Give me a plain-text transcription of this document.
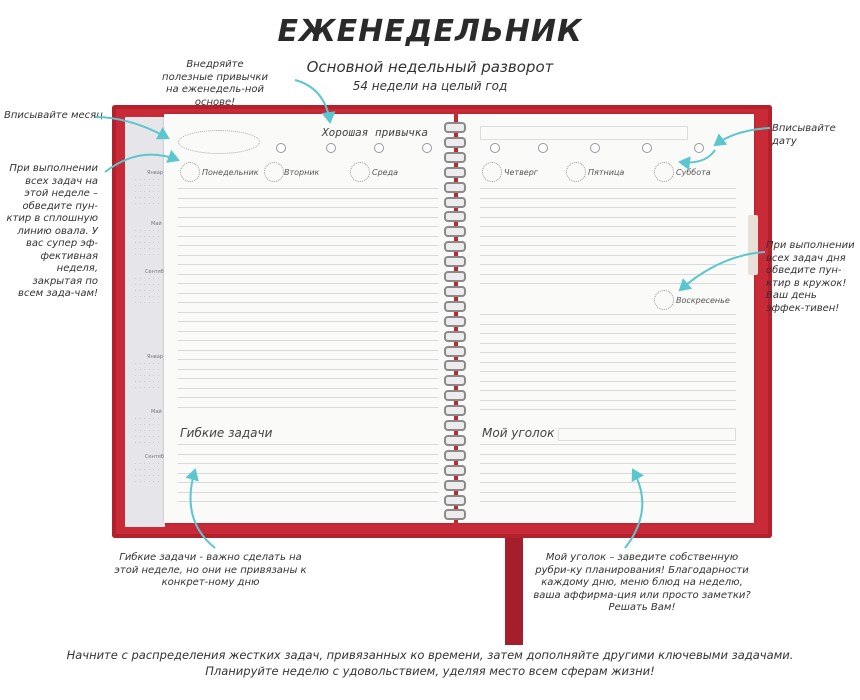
ЕЖЕНЕДЕЛЬНИК
Основной недельный разворот
54 недели на целый год
Январ
· · · · · ·
· · · · · ·
· · · · · ·
· · · · · ·
· · · · · ·
Май
· · · · · ·
· · · · · ·
· · · · · ·
· · · · · ·
· · · · · ·
Сентяб
· · · · · ·
· · · · · ·
· · · · · ·
· · · · · ·
· · · · · ·
Январ
· · · · · ·
· · · · · ·
· · · · · ·
· · · · · ·
· · · · · ·
Май
· · · · · ·
· · · · · ·
· · · · · ·
· · · · · ·
· · · · · ·
Сентяб
· · · · · ·
· · · · · ·
· · · · · ·
· · · · · ·
Хорошая привычка
Понедельник	Вторник	Среда
Гибкие задачи
Четверг	Пятница	Суббота
Воскресенье
Мой уголок
Внедряйте полезные привычки на еженедель-ной основе!
Вписывайте месяц
При выполнении всех задач на этой неделе – обведите пун-ктир в сплошную линию овала. У вас супер эф-фективная неделя, закрытая по всем зада-чам!
Вписывайте дату
При выполнении всех задач дня обведите пун-ктир в кружок! Ваш день эффек-тивен!
Гибкие задачи - важно сделать на этой неделе, но они не привязаны к конкрет-ному дню
Мой уголок – заведите собственную рубри-ку планирования! Благодарности каждому дню, меню блюд на неделю, ваша аффирма-ция или просто заметки? Решать Вам!
Начните с распределения жестких задач, привязанных ко времени, затем дополняйте другими ключевыми задачами.
Планируйте неделю с удовольствием, уделяя место всем сферам жизни!
